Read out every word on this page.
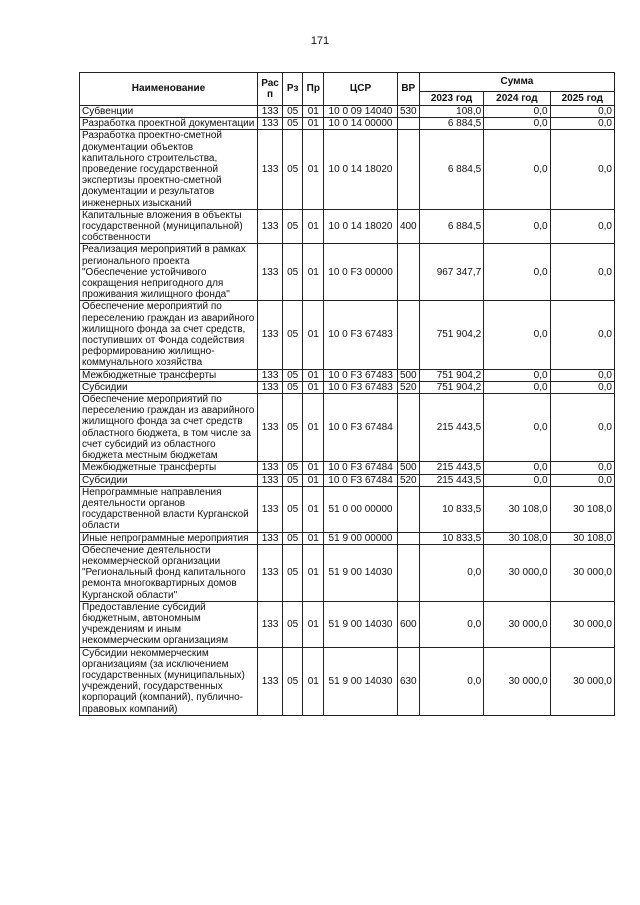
171
Наименование	Рас п	Рз	Пр	ЦСР	ВР	Сумма		
						2023 год	2024 год	2025 год
Субвенции	133	05	01	10 0 09 14040	530	108,0	0,0	0,0
Разработка проектной документации	133	05	01	10 0 14 00000		6 884,5	0,0	0,0
Разработка проектно-сметной документации объектов капитального строительства, проведение государственной экспертизы проектно-сметной документации и результатов инженерных изысканий	133	05	01	10 0 14 18020		6 884,5	0,0	0,0
Капитальные вложения в объекты государственной (муниципальной) собственности	133	05	01	10 0 14 18020	400	6 884,5	0,0	0,0
Реализация мероприятий в рамках регионального проекта "Обеспечение устойчивого сокращения непригодного для проживания жилищного фонда"	133	05	01	10 0 F3 00000		967 347,7	0,0	0,0
Обеспечение мероприятий по переселению граждан из аварийного жилищного фонда за счет средств, поступивших от Фонда содействия реформированию жилищно-коммунального хозяйства	133	05	01	10 0 F3 67483		751 904,2	0,0	0,0
Межбюджетные трансферты	133	05	01	10 0 F3 67483	500	751 904,2	0,0	0,0
Субсидии	133	05	01	10 0 F3 67483	520	751 904,2	0,0	0,0
Обеспечение мероприятий по переселению граждан из аварийного жилищного фонда за счет средств областного бюджета, в том числе за счет субсидий из областного бюджета местным бюджетам	133	05	01	10 0 F3 67484		215 443,5	0,0	0,0
Межбюджетные трансферты	133	05	01	10 0 F3 67484	500	215 443,5	0,0	0,0
Субсидии	133	05	01	10 0 F3 67484	520	215 443,5	0,0	0,0
Непрограммные направления деятельности органов государственной власти Курганской области	133	05	01	51 0 00 00000		10 833,5	30 108,0	30 108,0
Иные непрограммные мероприятия	133	05	01	51 9 00 00000		10 833,5	30 108,0	30 108,0
Обеспечение деятельности некоммерческой организации "Региональный фонд капитального ремонта многоквартирных домов Курганской области"	133	05	01	51 9 00 14030		0,0	30 000,0	30 000,0
Предоставление субсидий бюджетным, автономным учреждениям и иным некоммерческим организациям	133	05	01	51 9 00 14030	600	0,0	30 000,0	30 000,0
Субсидии некоммерческим организациям (за исключением государственных (муниципальных) учреждений, государственных корпораций (компаний), публично-правовых компаний)	133	05	01	51 9 00 14030	630	0,0	30 000,0	30 000,0
